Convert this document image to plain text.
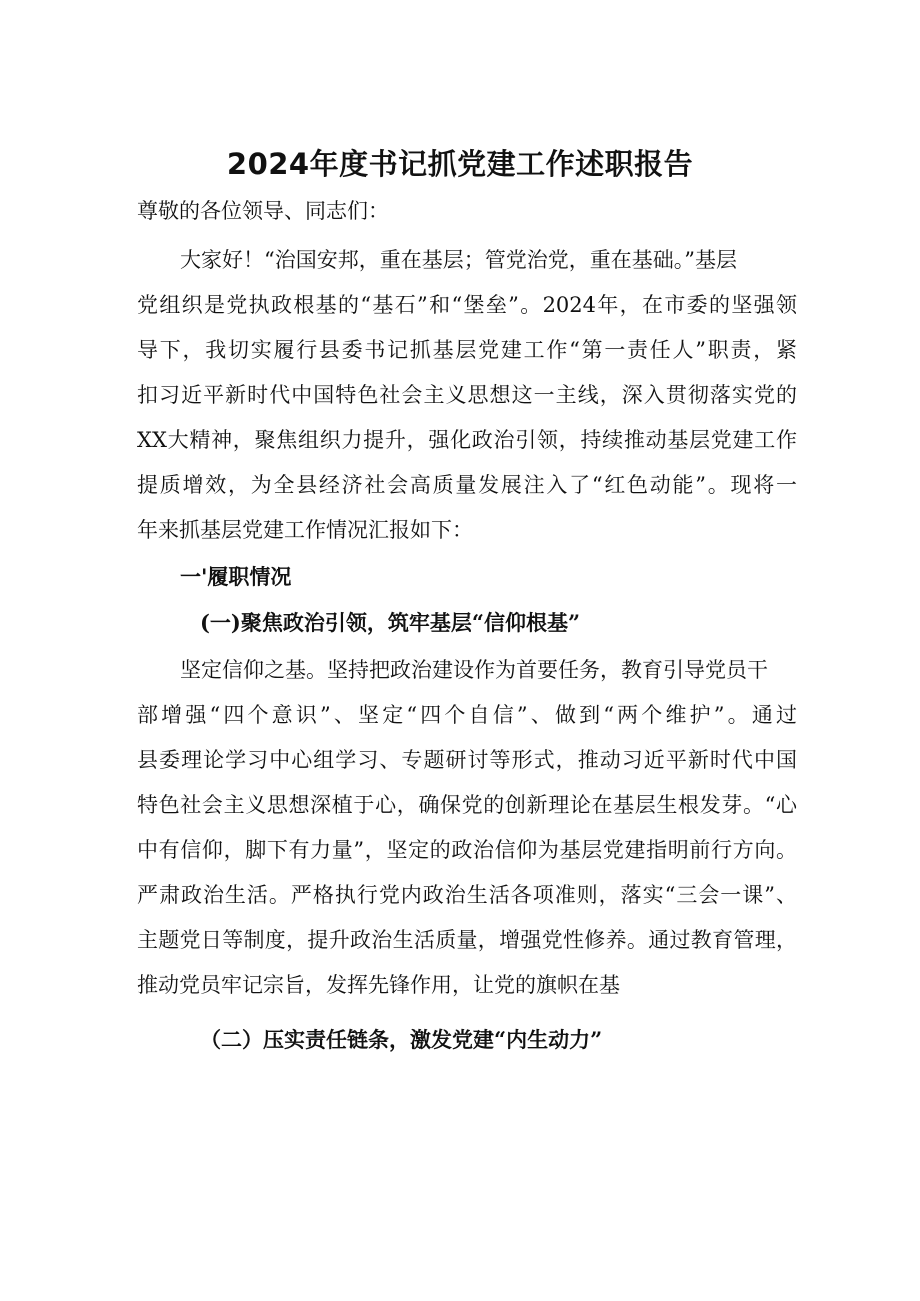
2024年度书记抓党建工作述职报告

尊敬的各位领导、同志们：

大家好！“治国安邦，重在基层；管党治党，重在基础。”基层

党组织是党执政根基的“基石”和“堡垒”。2024年，在市委的坚强领

导下，我切实履行县委书记抓基层党建工作“第一责任人”职责，紧

扣习近平新时代中国特色社会主义思想这一主线，深入贯彻落实党的

XX大精神，聚焦组织力提升，强化政治引领，持续推动基层党建工作

提质增效，为全县经济社会高质量发展注入了“红色动能”。现将一

年来抓基层党建工作情况汇报如下：

一'履职情况

(一)聚焦政治引领，筑牢基层“信仰根基”

坚定信仰之基。坚持把政治建设作为首要任务，教育引导党员干

部增强“四个意识”、坚定“四个自信”、做到“两个维护”。通过

县委理论学习中心组学习、专题研讨等形式，推动习近平新时代中国

特色社会主义思想深植于心，确保党的创新理论在基层生根发芽。“心

中有信仰，脚下有力量”，坚定的政治信仰为基层党建指明前行方向。

严肃政治生活。严格执行党内政治生活各项准则，落实“三会一课”、

主题党日等制度，提升政治生活质量，增强党性修养。通过教育管理，

推动党员牢记宗旨，发挥先锋作用，让党的旗帜在基

（二）压实责任链条，激发党建“内生动力”
